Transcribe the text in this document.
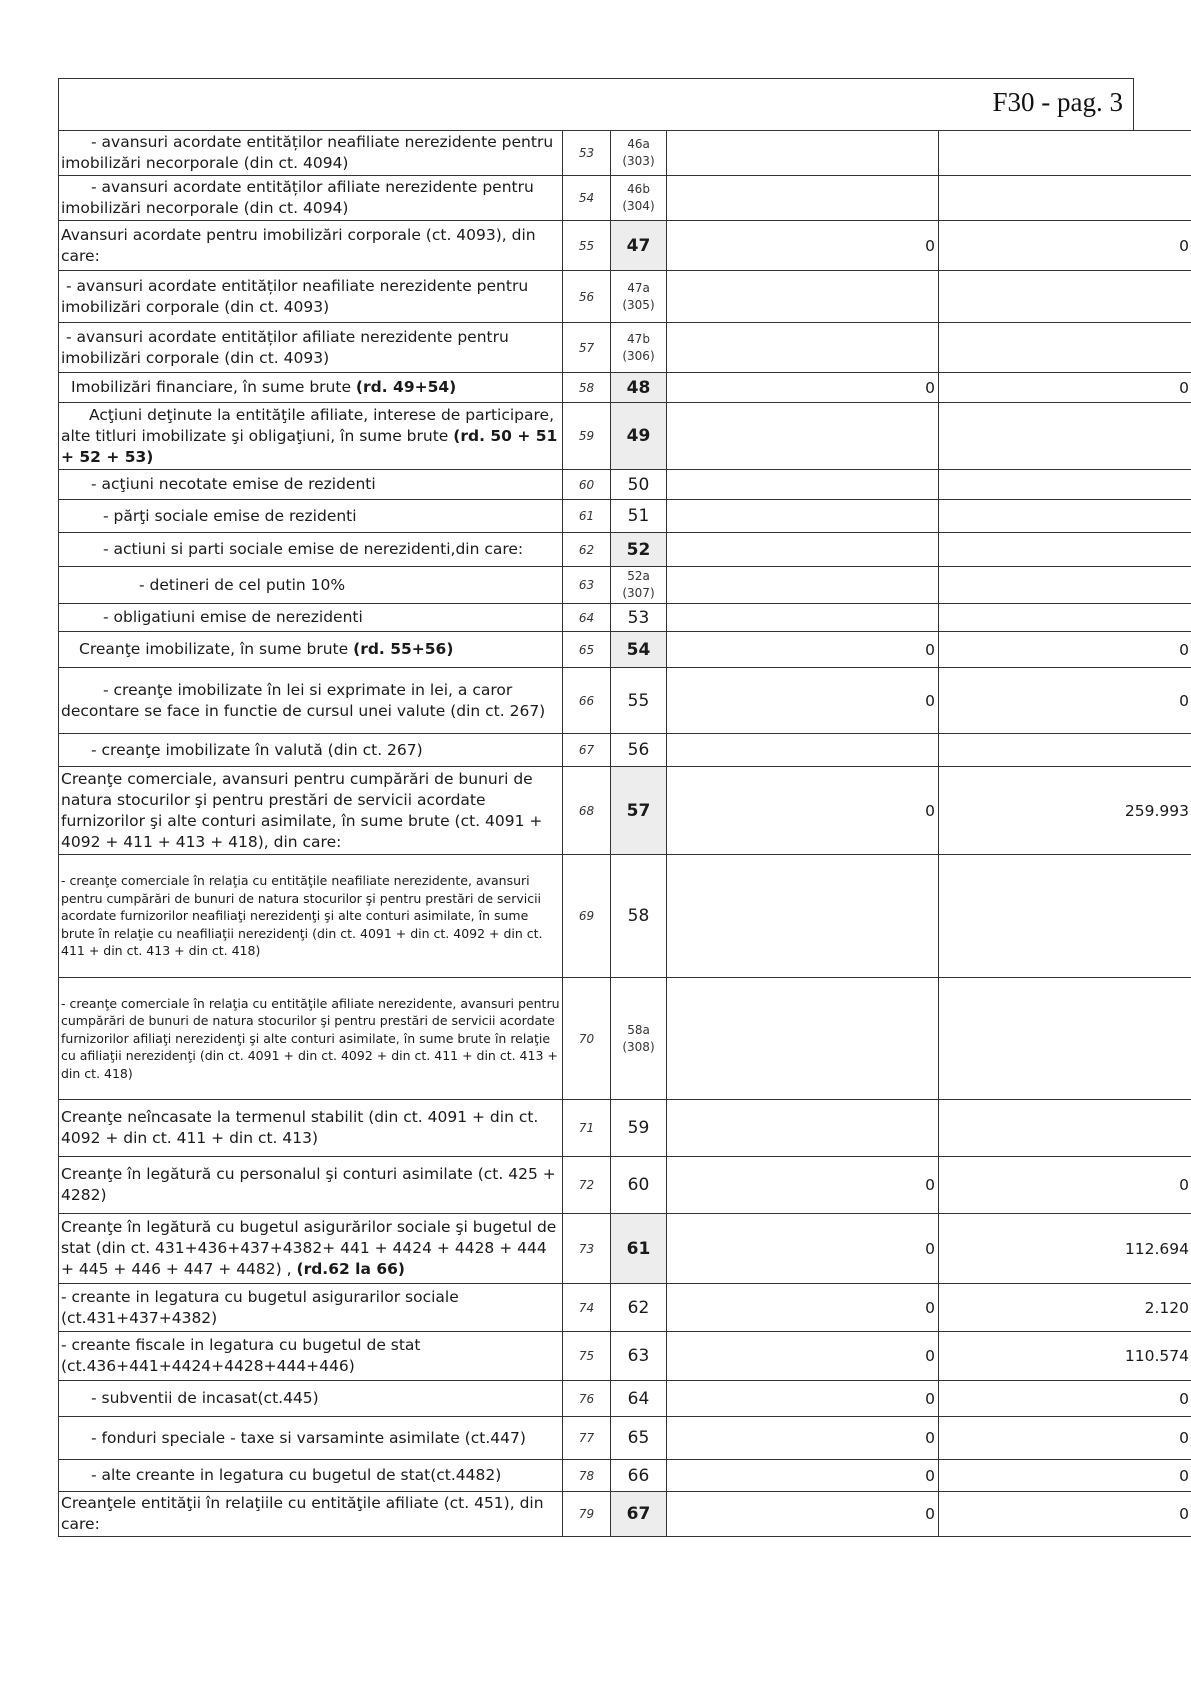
F30 - pag. 3
- avansuri acordate entităților neafiliate nerezidente pentru imobilizări necorporale (din ct. 4094)	53	46a
(303)		

- avansuri acordate entităților afiliate nerezidente pentru imobilizări necorporale (din ct. 4094)	54	46b
(304)		

Avansuri acordate pentru imobilizări corporale (ct. 4093), din care:	55	47	0	0
- avansuri acordate entităților neafiliate nerezidente pentru imobilizări corporale (din ct. 4093)	56	47a
(305)		

- avansuri acordate entităților afiliate nerezidente pentru imobilizări corporale (din ct. 4093)	57	47b
(306)		

Imobilizări financiare, în sume brute (rd. 49+54)	58	48	0	0
Acţiuni deţinute la entităţile afiliate, interese de participare, alte titluri imobilizate şi obligaţiuni, în sume brute (rd. 50 + 51 + 52 + 53)	59	49		
- acţiuni necotate emise de rezidenti	60	50		
- părţi sociale emise de rezidenti	61	51		
- actiuni si parti sociale emise de nerezidenti,din care:	62	52		
- detineri de cel putin 10%	63	52a
(307)		

- obligatiuni emise de nerezidenti	64	53		
Creanţe imobilizate, în sume brute (rd. 55+56)	65	54	0	0
- creanţe imobilizate în lei si exprimate in lei, a caror decontare se face in functie de cursul unei valute (din ct. 267)	66	55	0	0
- creanţe imobilizate în valută (din ct. 267)	67	56		
Creanţe comerciale, avansuri pentru cumpărări de bunuri de natura stocurilor şi pentru prestări de servicii acordate furnizorilor şi alte conturi asimilate, în sume brute (ct. 4091 + 4092 + 411 + 413 + 418), din care:	68	57	0	259.993
- creanţe comerciale în relaţia cu entităţile neafiliate nerezidente, avansuri pentru cumpărări de bunuri de natura stocurilor şi pentru prestări de servicii acordate furnizorilor neafiliaţi nerezidenţi şi alte conturi asimilate, în sume brute în relaţie cu neafiliaţii nerezidenţi (din ct. 4091 + din ct. 4092 + din ct. 411 + din ct. 413 + din ct. 418)	69	58		
- creanţe comerciale în relaţia cu entităţile afiliate nerezidente, avansuri pentru cumpărări de bunuri de natura stocurilor şi pentru prestări de servicii acordate furnizorilor afiliaţi nerezidenţi şi alte conturi asimilate, în sume brute în relaţie cu afiliaţii nerezidenţi (din ct. 4091 + din ct. 4092 + din ct. 411 + din ct. 413 + din ct. 418)	70	58a
(308)		

Creanţe neîncasate la termenul stabilit (din ct. 4091 + din ct. 4092 + din ct. 411 + din ct. 413)	71	59		
Creanţe în legătură cu personalul şi conturi asimilate (ct. 425 + 4282)	72	60	0	0
Creanţe în legătură cu bugetul asigurărilor sociale şi bugetul de stat (din ct. 431+436+437+4382+ 441 + 4424 + 4428 + 444 + 445 + 446 + 447 + 4482) , (rd.62 la 66)	73	61	0	112.694
- creante in legatura cu bugetul asigurarilor sociale (ct.431+437+4382)	74	62	0	2.120
- creante fiscale in legatura cu bugetul de stat (ct.436+441+4424+4428+444+446)	75	63	0	110.574
- subventii de incasat(ct.445)	76	64	0	0
- fonduri speciale - taxe si varsaminte asimilate (ct.447)	77	65	0	0
- alte creante in legatura cu bugetul de stat(ct.4482)	78	66	0	0
Creanţele entităţii în relaţiile cu entităţile afiliate (ct. 451), din care:	79	67	0	0
